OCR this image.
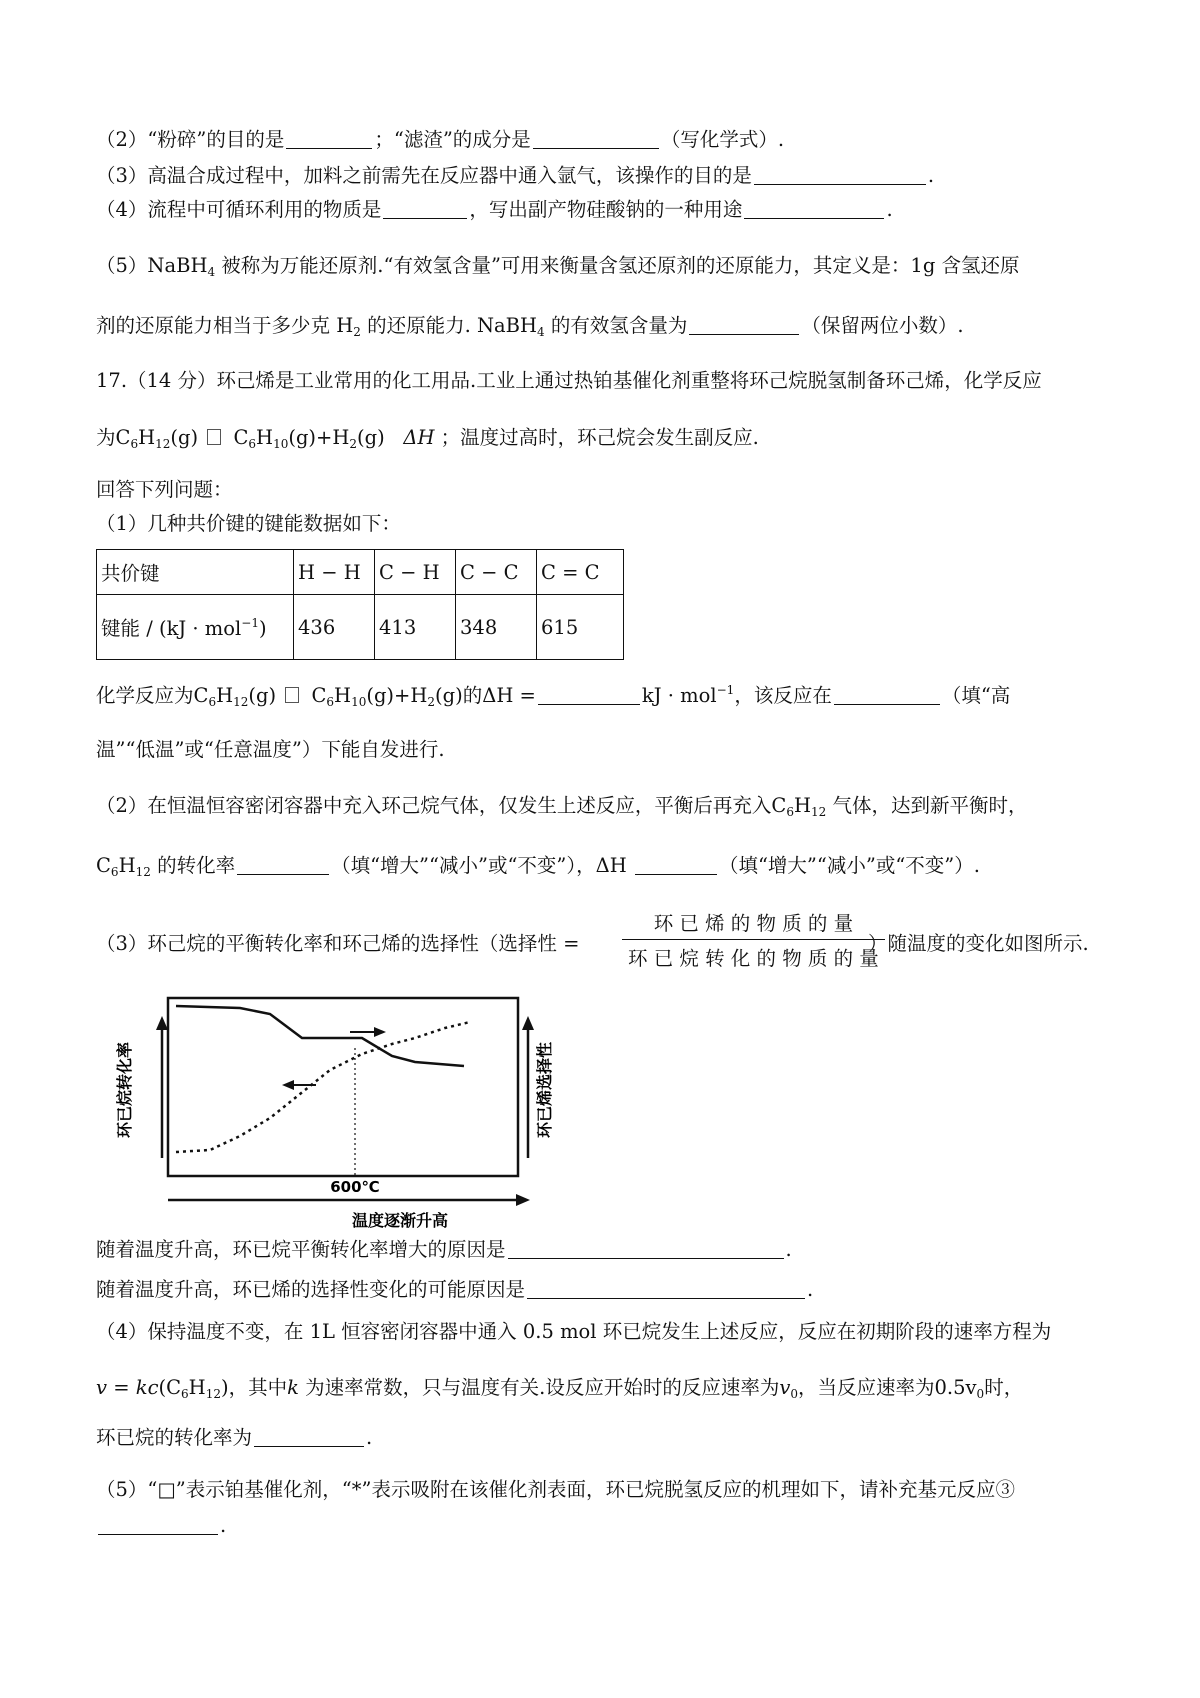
（2）“粉碎”的目的是	；“滤渣”的成分是	（写化学式）.
（3）高温合成过程中，加料之前需先在反应器中通入氩气，该操作的目的是	.
（4）流程中可循环利用的物质是	，写出副产物硅酸钠的一种用途	.
（5）NaBH$_4$ 被称为万能还原剂.“有效氢含量”可用来衡量含氢还原剂的还原能力，其定义是：1g 含氢还原
剂的还原能力相当于多少克 $H_2$ 的还原能力. NaBH$_4$ 的有效氢含量为	（保留两位小数）.
17.（14 分）环己烯是工业常用的化工用品.工业上通过热铂基催化剂重整将环己烷脱氢制备环己烯，化学反应
为$C_6H_{12}(g)$ $C_6H_{10}(g)+H_2(g)$ ΔH ；温度过高时，环己烷会发生副反应.
回答下列问题：
（1）几种共价键的键能数据如下：
共价键	H − H	C − H	C − C	C = C
键能 / (kJ · mol$^{-1}$)	436	413	348	615
化学反应为$C_6H_{12}(g)$ $C_6H_{10}(g)+H_2(g)$的ΔH =	kJ · mol$^{-1}$，该反应在	（填“高
温”“低温”或“任意温度”）下能自发进行.
（2）在恒温恒容密闭容器中充入环己烷气体，仅发生上述反应，平衡后再充入$C_6H_{12}$ 气体，达到新平衡时，
$C_6H_{12}$ 的转化率	（填“增大”“减小”或“不变”），ΔH	（填“增大”“减小”或“不变”）.
（3）环己烷的平衡转化率和环己烯的选择性（选择性 =
环 已 烯 的 物 质 的 量
环 已 烷 转 化 的 物 质 的 量
）随温度的变化如图所示.
600℃
温度逐渐升高
环已烷转化率	环已烯选择性
随着温度升高，环已烷平衡转化率增大的原因是	.
随着温度升高，环已烯的选择性变化的可能原因是	.
（4）保持温度不变，在 1L 恒容密闭容器中通入 0.5 mol 环已烷发生上述反应，反应在初期阶段的速率方程为
$v = kc(C_6H_{12})$，其中k 为速率常数，只与温度有关.设反应开始时的反应速率为$v_0$，当反应速率为$0.5v_0$时，
环已烷的转化率为	.
（5）“□”表示铂基催化剂，“*”表示吸附在该催化剂表面，环已烷脱氢反应的机理如下，请补充基元反应③
.
